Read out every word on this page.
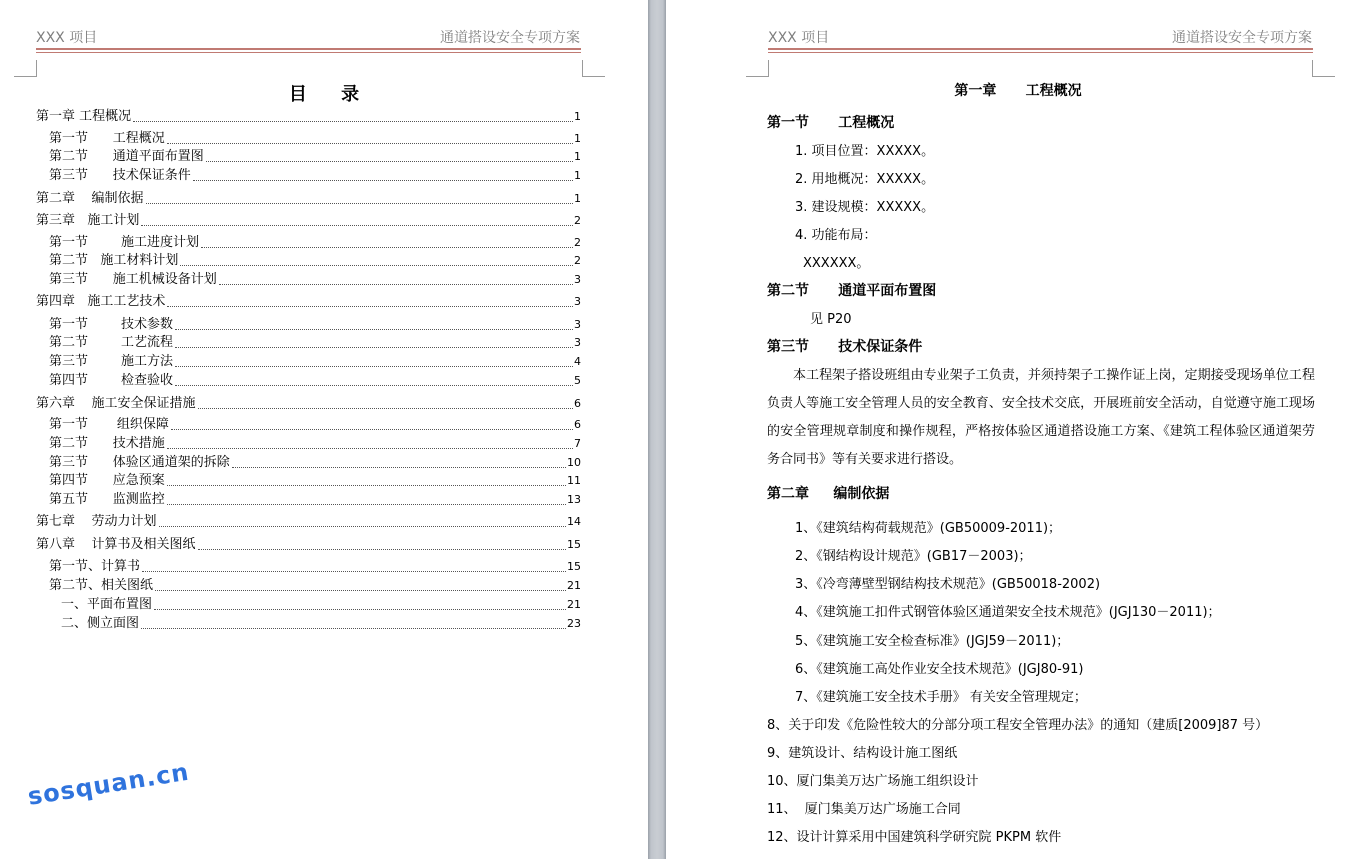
XXX 项目	通道搭设安全专项方案
目 录
第一章 工程概况	1
第一节      工程概况	1
第二节      通道平面布置图	1
第三节      技术保证条件	1
第二章    编制依据	1
第三章   施工计划	2
第一节        施工进度计划	2
第二节   施工材料计划	2
第三节      施工机械设备计划	3
第四章   施工工艺技术	3
第一节        技术参数	3
第二节        工艺流程	3
第三节        施工方法	4
第四节        检查验收	5
第六章    施工安全保证措施	6
第一节       组织保障	6
第二节      技术措施	7
第三节      体验区通道架的拆除	10
第四节      应急预案	11
第五节      监测监控	13
第七章    劳动力计划	14
第八章    计算书及相关图纸	15
第一节、计算书	15
第二节、相关图纸	21
一、平面布置图	21
二、侧立面图	23
XXX 项目	通道搭设安全专项方案
第一章      工程概况
第一节      工程概况
1. 项目位置：XXXXX。
2. 用地概况：XXXXX。
3. 建设规模：XXXXX。
4. 功能布局：
XXXXXX。
第二节      通道平面布置图
见 P20
第三节      技术保证条件
本工程架子搭设班组由专业架子工负责，并须持架子工操作证上岗，定期接受现场单位工程负责人等施工安全管理人员的安全教育、安全技术交底，开展班前安全活动，自觉遵守施工现场的安全管理规章制度和操作规程，严格按体验区通道搭设施工方案、《建筑工程体验区通道架劳务合同书》等有关要求进行搭设。
第二章     编制依据
1、《建筑结构荷载规范》(GB50009-2011)；
2、《钢结构设计规范》(GB17－2003)；
3、《冷弯薄壁型钢结构技术规范》(GB50018-2002)
4、《建筑施工扣件式钢管体验区通道架安全技术规范》(JGJ130－2011)；
5、《建筑施工安全检查标准》(JGJ59－2011)；
6、《建筑施工高处作业安全技术规范》(JGJ80-91)
7、《建筑施工安全技术手册》 有关安全管理规定；
8、关于印发《危险性较大的分部分项工程安全管理办法》的通知（建质[2009]87 号）
9、建筑设计、结构设计施工图纸
10、厦门集美万达广场施工组织设计
11、  厦门集美万达广场施工合同
12、设计计算采用中国建筑科学研究院 PKPM 软件
sosquan.cn
